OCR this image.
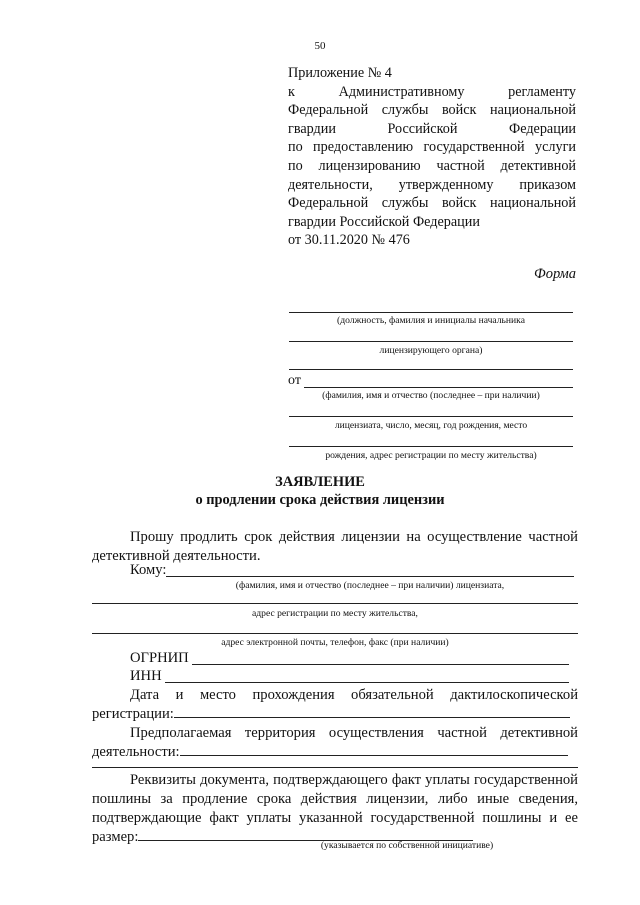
50
Приложение № 4
к Административному регламенту
Федеральной службы войск национальной
гвардии Российской Федерации
по предоставлению государственной услуги
по лицензированию частной детективной
деятельности, утвержденному приказом
Федеральной службы войск национальной
гвардии Российской Федерации
от 30.11.2020 № 476
Форма
(должность, фамилия и инициалы начальника
лицензирующего органа)
от
(фамилия, имя и отчество (последнее – при наличии)
лицензиата, число, месяц, год рождения, место
рождения, адрес регистрации по месту жительства)
ЗАЯВЛЕНИЕ
о продлении срока действия лицензии
Прошу продлить срок действия лицензии на осуществление частной детективной деятельности.
Кому:
(фамилия, имя и отчество (последнее – при наличии) лицензиата,
адрес регистрации по месту жительства,
адрес электронной почты, телефон, факс (при наличии)
ОГРНИП
ИНН
Дата и место прохождения обязательной дактилоскопической регистрации:
Предполагаемая территория осуществления частной детективной деятельности:
Реквизиты документа, подтверждающего факт уплаты государственной пошлины за продление срока действия лицензии, либо иные сведения, подтверждающие факт уплаты указанной государственной пошлины и ее размер:
(указывается по собственной инициативе)
